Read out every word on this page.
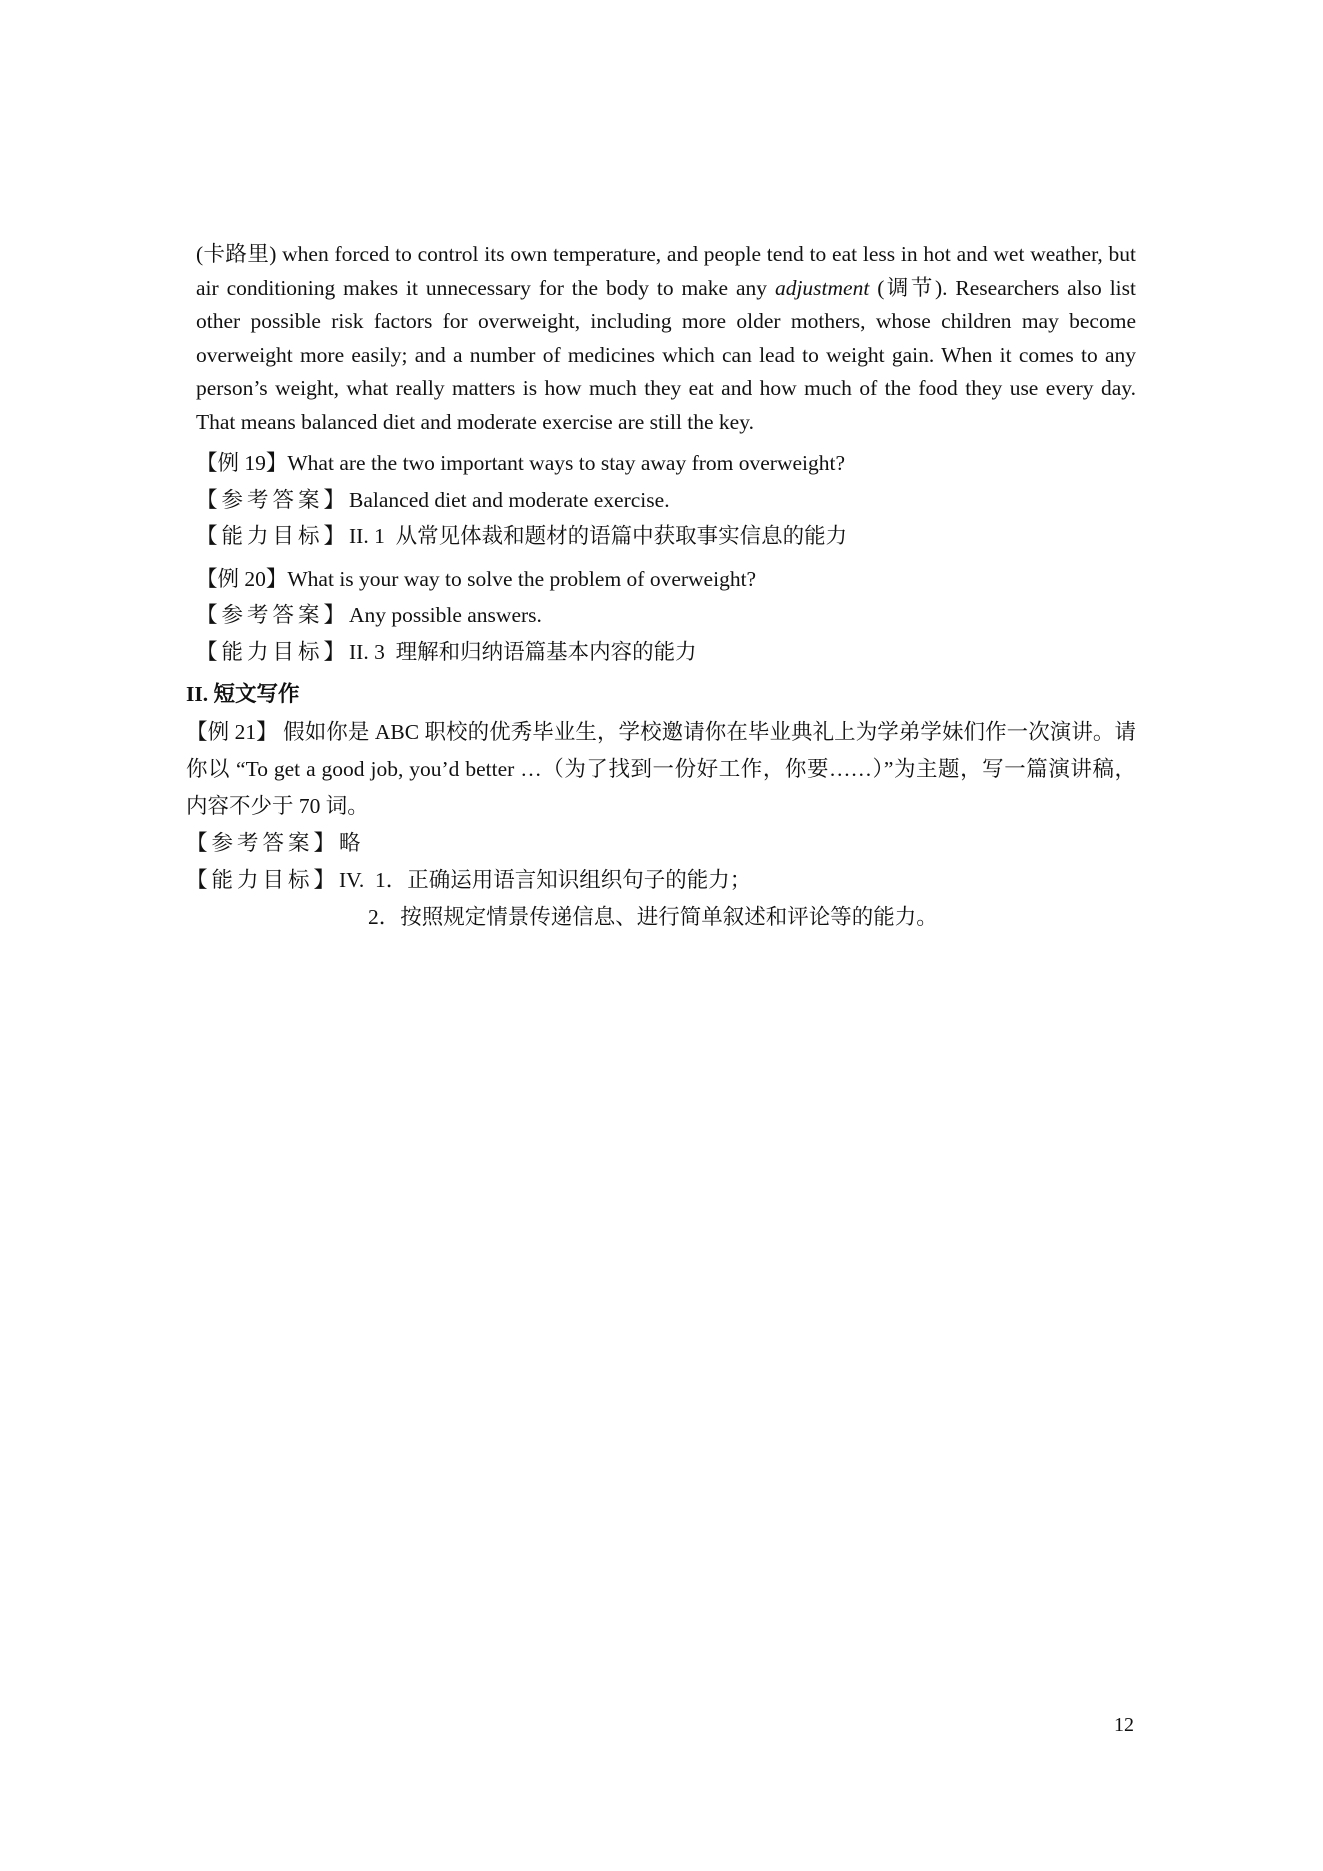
(卡路里) when forced to control its own temperature, and people tend to eat less in hot and wet weather, but air conditioning makes it unnecessary for the body to make any adjustment (调节). Researchers also list other possible risk factors for overweight, including more older mothers, whose children may become overweight more easily; and a number of medicines which can lead to weight gain. When it comes to any person’s weight, what really matters is how much they eat and how much of the food they use every day. That means balanced diet and moderate exercise are still the key.

【例 19】What are the two important ways to stay away from overweight?

【参考答案】Balanced diet and moderate exercise.

【能力目标】II. 1  从常见体裁和题材的语篇中获取事实信息的能力

【例 20】What is your way to solve the problem of overweight?

【参考答案】Any possible answers.

【能力目标】II. 3  理解和归纳语篇基本内容的能力

II. 短文写作

【例 21】 假如你是 ABC 职校的优秀毕业生，学校邀请你在毕业典礼上为学弟学妹们作一次演讲。请你以 “To get a good job, you’d better …（为了找到一份好工作，你要……）”为主题，写一篇演讲稿，内容不少于 70 词。

【参考答案】略

【能力目标】IV.  1．正确运用语言知识组织句子的能力；

2．按照规定情景传递信息、进行简单叙述和评论等的能力。
12
